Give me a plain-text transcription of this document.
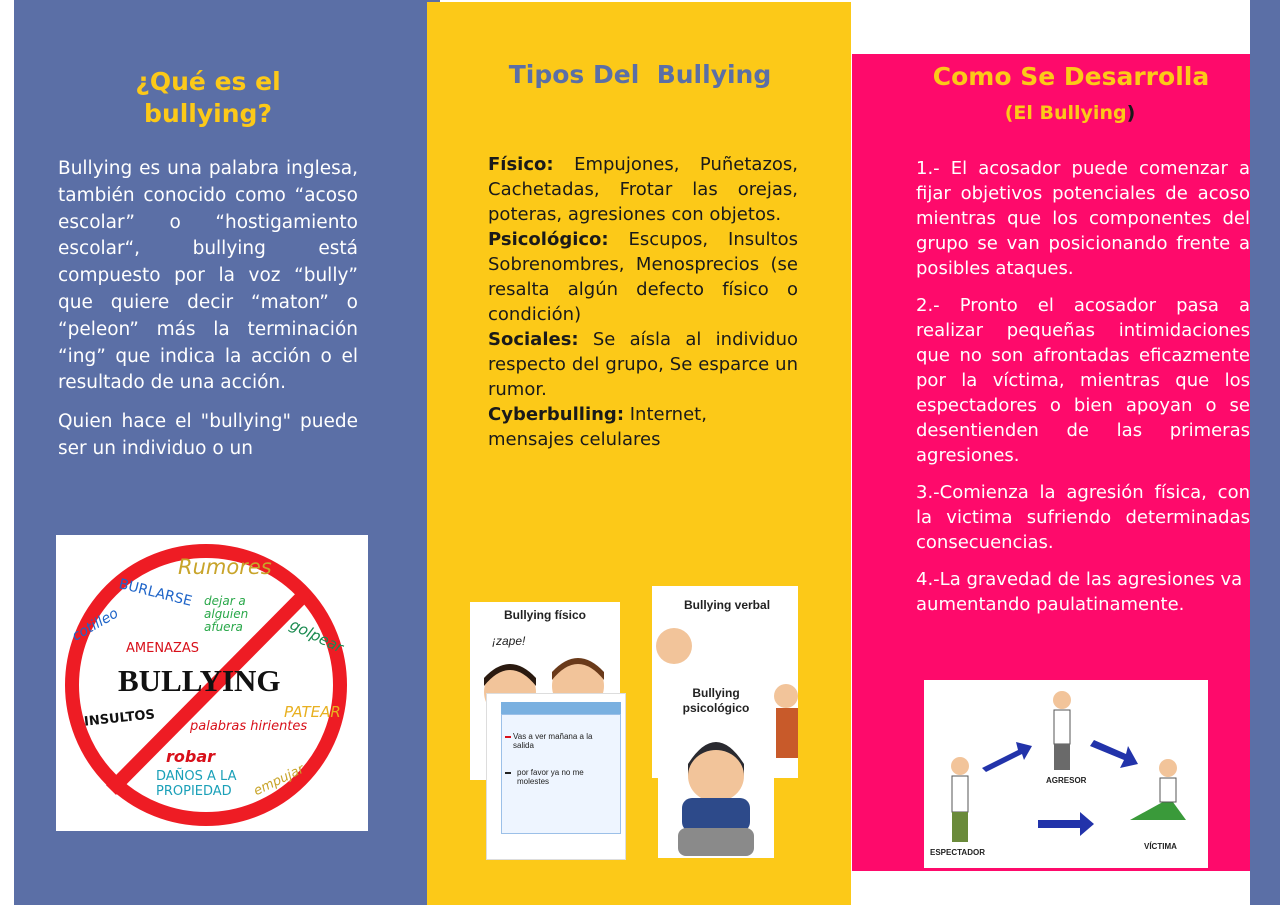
¿Qué es el bullying?

Bullying es una palabra inglesa, también conocido como “acoso escolar” o “hostigamiento escolar“, bullying está compuesto por la voz “bully” que quiere decir “maton” o “peleon” más la terminación “ing” que indica la acción o el resultado de una acción.

Quien hace el "bullying" puede ser un individuo o un

Rumores
BURLARSE dejar a alguien afuera
cotilleo	golpear
AMENAZAS
BULLYING
INSULTOS	PATEAR
palabras hirientes
robar
DAÑOS A LA PROPIEDAD	empujar
Tipos Del  Bullying
Físico: Empujones, Puñetazos, Cachetadas, Frotar las orejas, poteras, agresiones con objetos.
Psicológico: Escupos, Insultos Sobrenombres, Menosprecios (se resalta algún defecto físico o condición)
Sociales: Se aísla al individuo respecto del grupo, Se esparce un rumor.
Cyberbulling: Internet, mensajes celulares
Bullying físico
¡zape!
Bullying verbal
Vas a ver mañana a la salida
por favor ya no me molestes
Bullying psicológico
Como Se Desarrolla
(El Bullying)

1.- El acosador puede comenzar a fijar objetivos potenciales de acoso mientras que los componentes del grupo se van posicionando frente a posibles ataques.

2.- Pronto el acosador pasa a realizar pequeñas intimidaciones que no son afrontadas eficazmente por la víctima, mientras que los espectadores o bien apoyan o se desentienden de las primeras agresiones.

3.-Comienza la agresión física, con la victima sufriendo determinadas consecuencias.

4.-La gravedad de las agresiones va aumentando paulatinamente.

AGRESOR
ESPECTADOR
VÍCTIMA
